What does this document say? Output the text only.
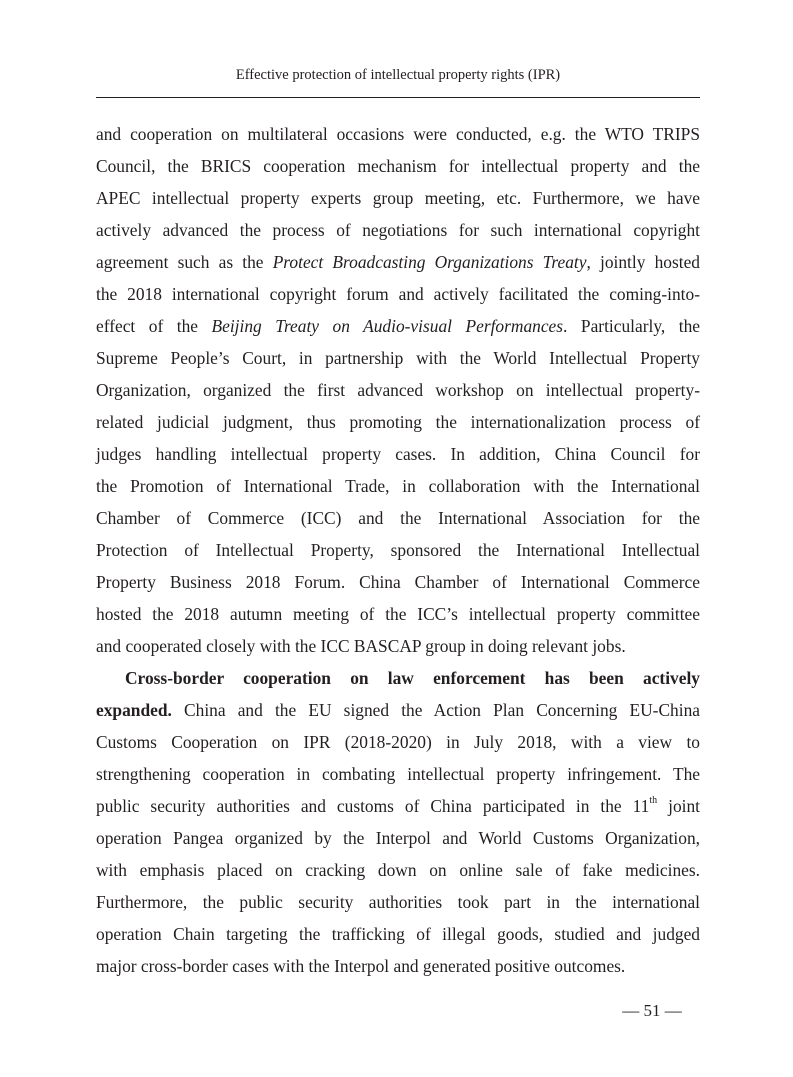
Effective protection of intellectual property rights (IPR)
and cooperation on multilateral occasions were conducted, e.g. the WTO TRIPS
Council, the BRICS cooperation mechanism for intellectual property and the
APEC intellectual property experts group meeting, etc. Furthermore, we have
actively advanced the process of negotiations for such international copyright
agreement such as the Protect Broadcasting Organizations Treaty, jointly hosted
the 2018 international copyright forum and actively facilitated the coming-into-
effect of the Beijing Treaty on Audio-visual Performances. Particularly, the
Supreme People’s Court, in partnership with the World Intellectual Property
Organization, organized the first advanced workshop on intellectual property-
related judicial judgment, thus promoting the internationalization process of
judges handling intellectual property cases. In addition, China Council for
the Promotion of International Trade, in collaboration with the International
Chamber of Commerce (ICC) and the International Association for the
Protection of Intellectual Property, sponsored the International Intellectual
Property Business 2018 Forum. China Chamber of International Commerce
hosted the 2018 autumn meeting of the ICC’s intellectual property committee
and cooperated closely with the ICC BASCAP group in doing relevant jobs.
Cross-border cooperation on law enforcement has been actively
expanded. China and the EU signed the Action Plan Concerning EU-China
Customs Cooperation on IPR (2018-2020) in July 2018, with a view to
strengthening cooperation in combating intellectual property infringement. The
public security authorities and customs of China participated in the 11th joint
operation Pangea organized by the Interpol and World Customs Organization,
with emphasis placed on cracking down on online sale of fake medicines.
Furthermore, the public security authorities took part in the international
operation Chain targeting the trafficking of illegal goods, studied and judged
major cross-border cases with the Interpol and generated positive outcomes.
— 51 —
